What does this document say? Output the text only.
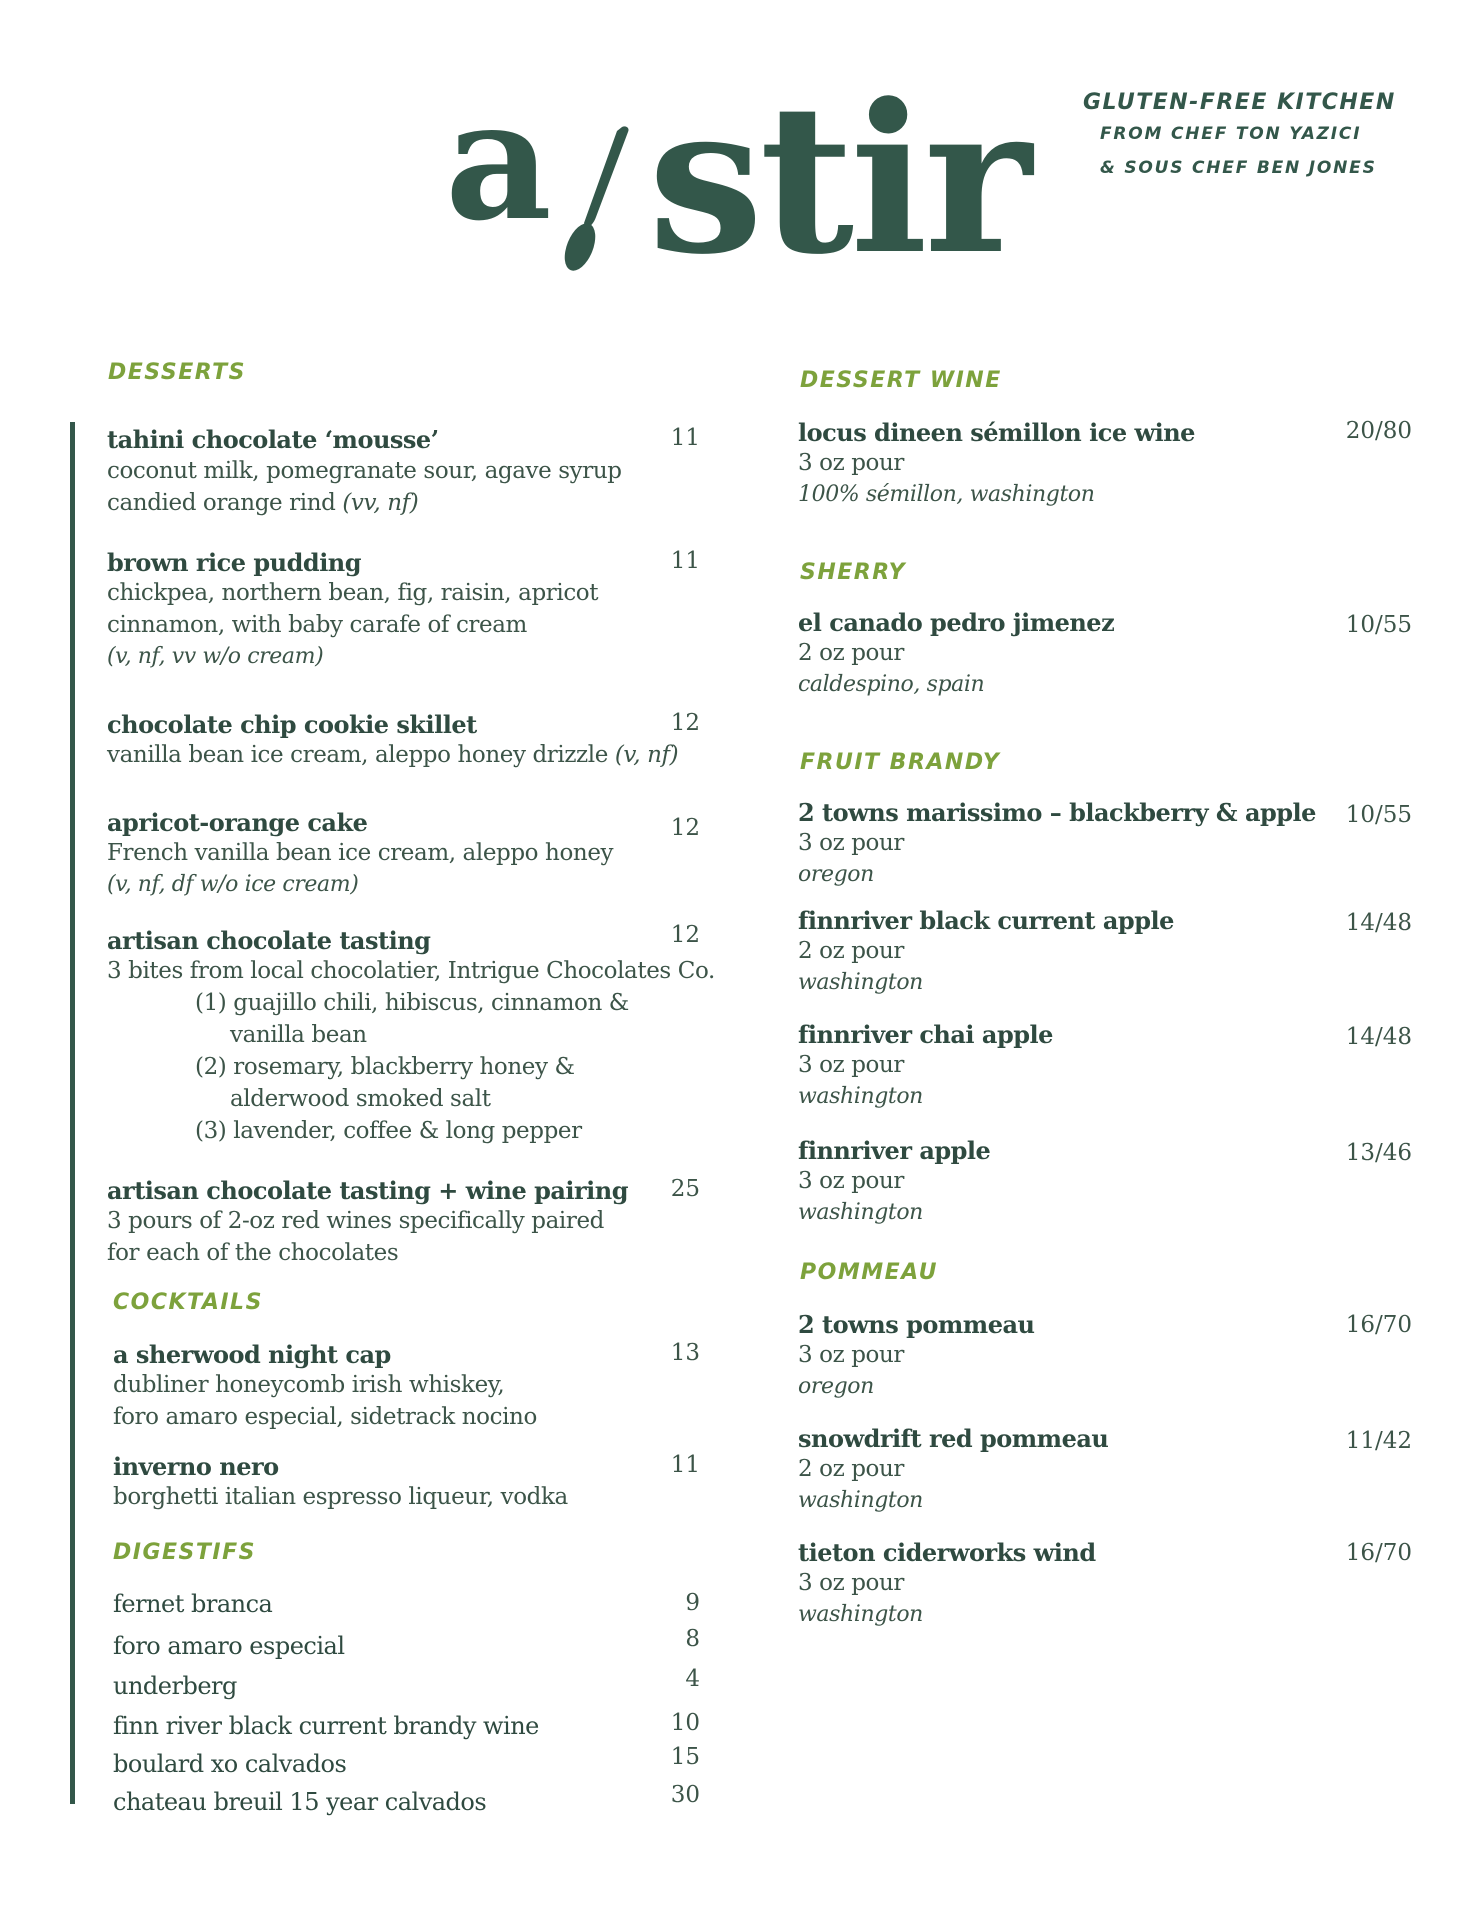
a stir	GLUTEN-FREE KITCHEN
FROM CHEF TON YAZICI
& SOUS CHEF BEN JONES
DESSERTS
tahini chocolate ‘mousse’	11
coconut milk, pomegranate sour, agave syrup
candied orange rind (vv, nf)
brown rice pudding	11
chickpea, northern bean, fig, raisin, apricot
cinnamon, with baby carafe of cream
(v, nf, vv w/o cream)
chocolate chip cookie skillet	12
vanilla bean ice cream, aleppo honey drizzle (v, nf)
apricot-orange cake	12
French vanilla bean ice cream, aleppo honey
(v, nf, df w/o ice cream)
artisan chocolate tasting	12
3 bites from local chocolatier, Intrigue Chocolates Co.
(1) guajillo chili, hibiscus, cinnamon &
vanilla bean
(2) rosemary, blackberry honey &
alderwood smoked salt
(3) lavender, coffee & long pepper
artisan chocolate tasting + wine pairing	25
3 pours of 2-oz red wines specifically paired
for each of the chocolates
COCKTAILS
a sherwood night cap	13
dubliner honeycomb irish whiskey,
foro amaro especial, sidetrack nocino
inverno nero	11
borghetti italian espresso liqueur, vodka
DIGESTIFS
fernet branca	9
foro amaro especial	8
underberg	4
finn river black current brandy wine	10
boulard xo calvados	15
chateau breuil 15 year calvados	30
DESSERT WINE
locus dineen sémillon ice wine	20/80
3 oz pour
100% sémillon, washington
SHERRY
el canado pedro jimenez	10/55
2 oz pour
caldespino, spain
FRUIT BRANDY
2 towns marissimo – blackberry & apple	10/55
3 oz pour
oregon
finnriver black current apple	14/48
2 oz pour
washington
finnriver chai apple	14/48
3 oz pour
washington
finnriver apple	13/46
3 oz pour
washington
POMMEAU
2 towns pommeau	16/70
3 oz pour
oregon
snowdrift red pommeau	11/42
2 oz pour
washington
tieton ciderworks wind	16/70
3 oz pour
washington
